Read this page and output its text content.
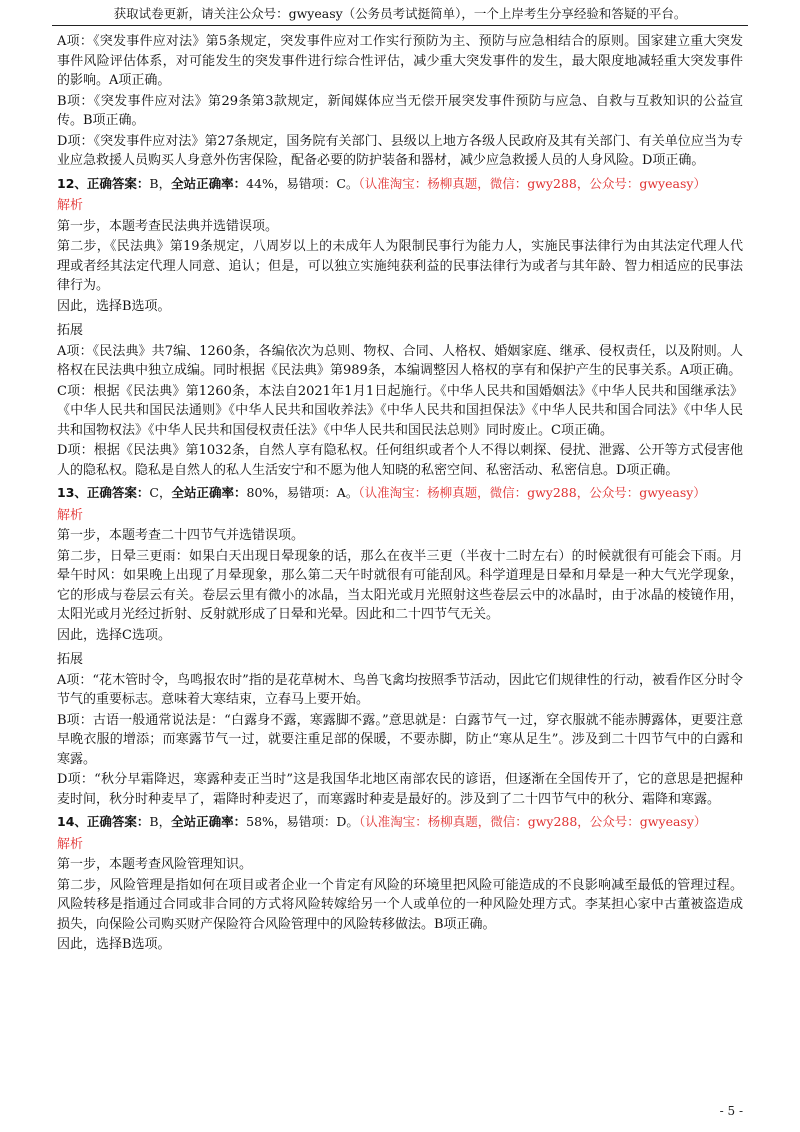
获取试卷更新，请关注公众号：gwyeasy（公务员考试挺简单），一个上岸考生分享经验和答疑的平台。

A项：《突发事件应对法》第5条规定，突发事件应对工作实行预防为主、预防与应急相结合的原则。国家建立重大突发事件风险评估体系，对可能发生的突发事件进行综合性评估，减少重大突发事件的发生，最大限度地减轻重大突发事件的影响。A项正确。

B项：《突发事件应对法》第29条第3款规定，新闻媒体应当无偿开展突发事件预防与应急、自救与互救知识的公益宣传。B项正确。

D项：《突发事件应对法》第27条规定，国务院有关部门、县级以上地方各级人民政府及其有关部门、有关单位应当为专业应急救援人员购买人身意外伤害保险，配备必要的防护装备和器材，减少应急救援人员的人身风险。D项正确。

12、正确答案：B，全站正确率：44%，易错项：C。（认准淘宝：杨柳真题，微信：gwy288，公众号：gwyeasy）

解析

第一步，本题考查民法典并选错误项。

第二步，《民法典》第19条规定，八周岁以上的未成年人为限制民事行为能力人，实施民事法律行为由其法定代理人代理或者经其法定代理人同意、追认；但是，可以独立实施纯获利益的民事法律行为或者与其年龄、智力相适应的民事法律行为。

因此，选择B选项。

拓展

A项：《民法典》共7编、1260条，各编依次为总则、物权、合同、人格权、婚姻家庭、继承、侵权责任，以及附则。人格权在民法典中独立成编。同时根据《民法典》第989条，本编调整因人格权的享有和保护产生的民事关系。A项正确。

C项：根据《民法典》第1260条，本法自2021年1月1日起施行。《中华人民共和国婚姻法》《中华人民共和国继承法》《中华人民共和国民法通则》《中华人民共和国收养法》《中华人民共和国担保法》《中华人民共和国合同法》《中华人民共和国物权法》《中华人民共和国侵权责任法》《中华人民共和国民法总则》同时废止。C项正确。

D项：根据《民法典》第1032条，自然人享有隐私权。任何组织或者个人不得以刺探、侵扰、泄露、公开等方式侵害他人的隐私权。隐私是自然人的私人生活安宁和不愿为他人知晓的私密空间、私密活动、私密信息。D项正确。

13、正确答案：C，全站正确率：80%，易错项：A。（认准淘宝：杨柳真题，微信：gwy288，公众号：gwyeasy）

解析

第一步，本题考查二十四节气并选错误项。

第二步，日晕三更雨：如果白天出现日晕现象的话，那么在夜半三更（半夜十二时左右）的时候就很有可能会下雨。月晕午时风：如果晚上出现了月晕现象，那么第二天午时就很有可能刮风。科学道理是日晕和月晕是一种大气光学现象，它的形成与卷层云有关。卷层云里有微小的冰晶，当太阳光或月光照射这些卷层云中的冰晶时，由于冰晶的棱镜作用，太阳光或月光经过折射、反射就形成了日晕和光晕。因此和二十四节气无关。

因此，选择C选项。

拓展

A项：“花木管时令，鸟鸣报农时”指的是花草树木、鸟兽飞禽均按照季节活动，因此它们规律性的行动，被看作区分时令节气的重要标志。意味着大寒结束，立春马上要开始。

B项：古语一般通常说法是：“白露身不露，寒露脚不露。”意思就是：白露节气一过，穿衣服就不能赤膊露体，更要注意早晚衣服的增添；而寒露节气一过，就要注重足部的保暖，不要赤脚，防止“寒从足生”。涉及到二十四节气中的白露和寒露。

D项：“秋分早霜降迟，寒露种麦正当时”这是我国华北地区南部农民的谚语，但逐渐在全国传开了，它的意思是把握种麦时间，秋分时种麦早了，霜降时种麦迟了，而寒露时种麦是最好的。涉及到了二十四节气中的秋分、霜降和寒露。

14、正确答案：B，全站正确率：58%，易错项：D。（认准淘宝：杨柳真题，微信：gwy288，公众号：gwyeasy）

解析

第一步，本题考查风险管理知识。

第二步，风险管理是指如何在项目或者企业一个肯定有风险的环境里把风险可能造成的不良影响减至最低的管理过程。风险转移是指通过合同或非合同的方式将风险转嫁给另一个人或单位的一种风险处理方式。李某担心家中古董被盗造成损失，向保险公司购买财产保险符合风险管理中的风险转移做法。B项正确。

因此，选择B选项。

- 5 -
